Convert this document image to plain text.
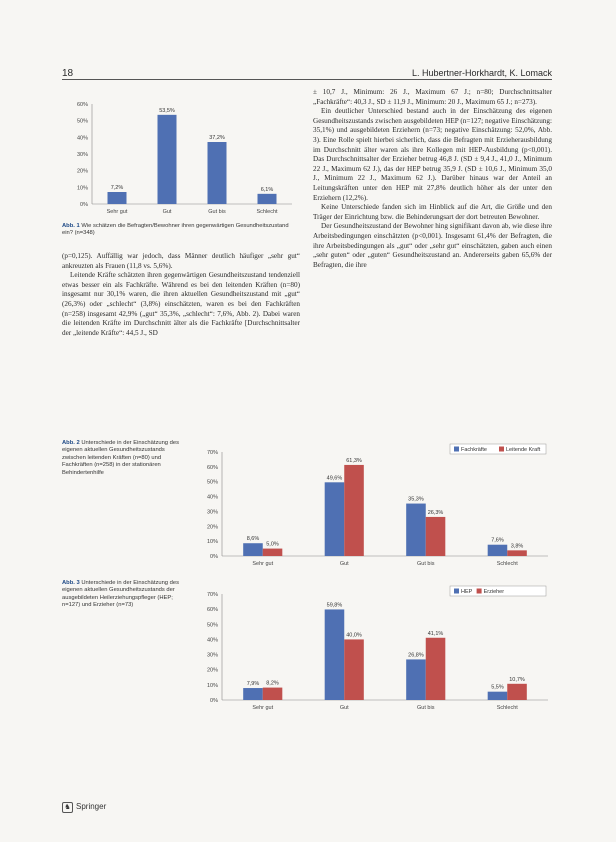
18	L. Hubertner-Horkhardt, K. Lomack
0%
10%
20%
30%
40%
50%
60%
7,2%
Sehr gut
53,5%
Gut
37,2%
Gut bis
6,1%
Schlecht
Abb. 1 Wie schätzen die Befragten/Bewohner ihren gegenwärtigen Gesundheitszustand ein? (n=348)

(p=0,125). Auffällig war jedoch, dass Männer deutlich häufiger „sehr gut“ ankreuzten als Frauen (11,8 vs. 5,6%).

Leitende Kräfte schätzten ihren gegenwärtigen Gesundheitszustand tendenziell etwas besser ein als Fachkräfte. Während es bei den leitenden Kräften (n=80) insgesamt nur 30,1% waren, die ihren aktuellen Gesundheitszustand mit „gut“ (26,3%) oder „schlecht“ (3,8%) einschätzten, waren es bei den Fachkräften (n=258) insgesamt 42,9% („gut“ 35,3%, „schlecht“: 7,6%, Abb. 2). Dabei waren die leitenden Kräfte im Durchschnitt älter als die Fachkräfte [Durchschnittsalter der „leitende Kräfte“: 44,5 J., SD

± 10,7 J., Minimum: 26 J., Maximum 67 J.; n=80; Durchschnittsalter „Fachkräfte“: 40,3 J., SD ± 11,9 J., Minimum: 20 J., Maximum 65 J.; n=273).

Ein deutlicher Unterschied bestand auch in der Einschätzung des eigenen Gesundheitszustands zwischen ausgebildeten HEP (n=127; negative Einschätzung: 35,1%) und ausgebildeten Erziehern (n=73; negative Einschätzung: 52,0%, Abb. 3). Eine Rolle spielt hierbei sicherlich, dass die Befragten mit Erzieherausbildung im Durchschnitt älter waren als ihre Kollegen mit HEP-Ausbildung (p<0,001). Das Durchschnittsalter der Erzieher betrug 46,8 J. (SD ± 9,4 J., 41,0 J., Minimum 22 J., Maximum 62 J.), das der HEP betrug 35,9 J. (SD ± 10,6 J., Minimum 35,0 J., Minimum 22 J., Maximum 62 J.). Darüber hinaus war der Anteil an Leitungskräften unter den HEP mit 27,8% deutlich höher als der unter den Erziehern (12,2%).

Keine Unterschiede fanden sich im Hinblick auf die Art, die Größe und den Träger der Einrichtung bzw. die Behinderungsart der dort betreuten Bewohner.

Der Gesundheitszustand der Bewohner hing signifikant davon ab, wie diese ihre Arbeitsbedingungen einschätzten (p<0,001). Insgesamt 61,4% der Befragten, die ihre Arbeitsbedingungen als „gut“ oder „sehr gut“ einschätzten, gaben auch einen „sehr guten“ oder „guten“ Gesundheitszustand an. Andererseits gaben 65,6% der Befragten, die ihre

Abb. 2 Unterschiede in der Einschätzung des eigenen aktuellen Gesundheitszustands zwischen leitenden Kräften (n=80) und Fachkräften (n=258) in der stationären Behindertenhilfe
0%
10%
20%
30%
40%
50%
60%
70%
8,6%
5,0%
Sehr gut
49,6%
61,3%
Gut
35,3%
26,3%
Gut bis
7,6%
3,8%
Schlecht
Fachkräfte	Leitende Kraft
Abb. 3 Unterschiede in der Einschätzung des eigenen aktuellen Gesundheitszustands der ausgebildeten Heilerziehungspfleger (HEP; n=127) und Erzieher (n=73)
0%
10%
20%
30%
40%
50%
60%
70%
7,9% 8,2%
Sehr gut
59,8%
40,0%
Gut
26,8%
41,1%
Gut bis
5,5%
10,7%
Schlecht
HEP Erzieher
♞ Springer
